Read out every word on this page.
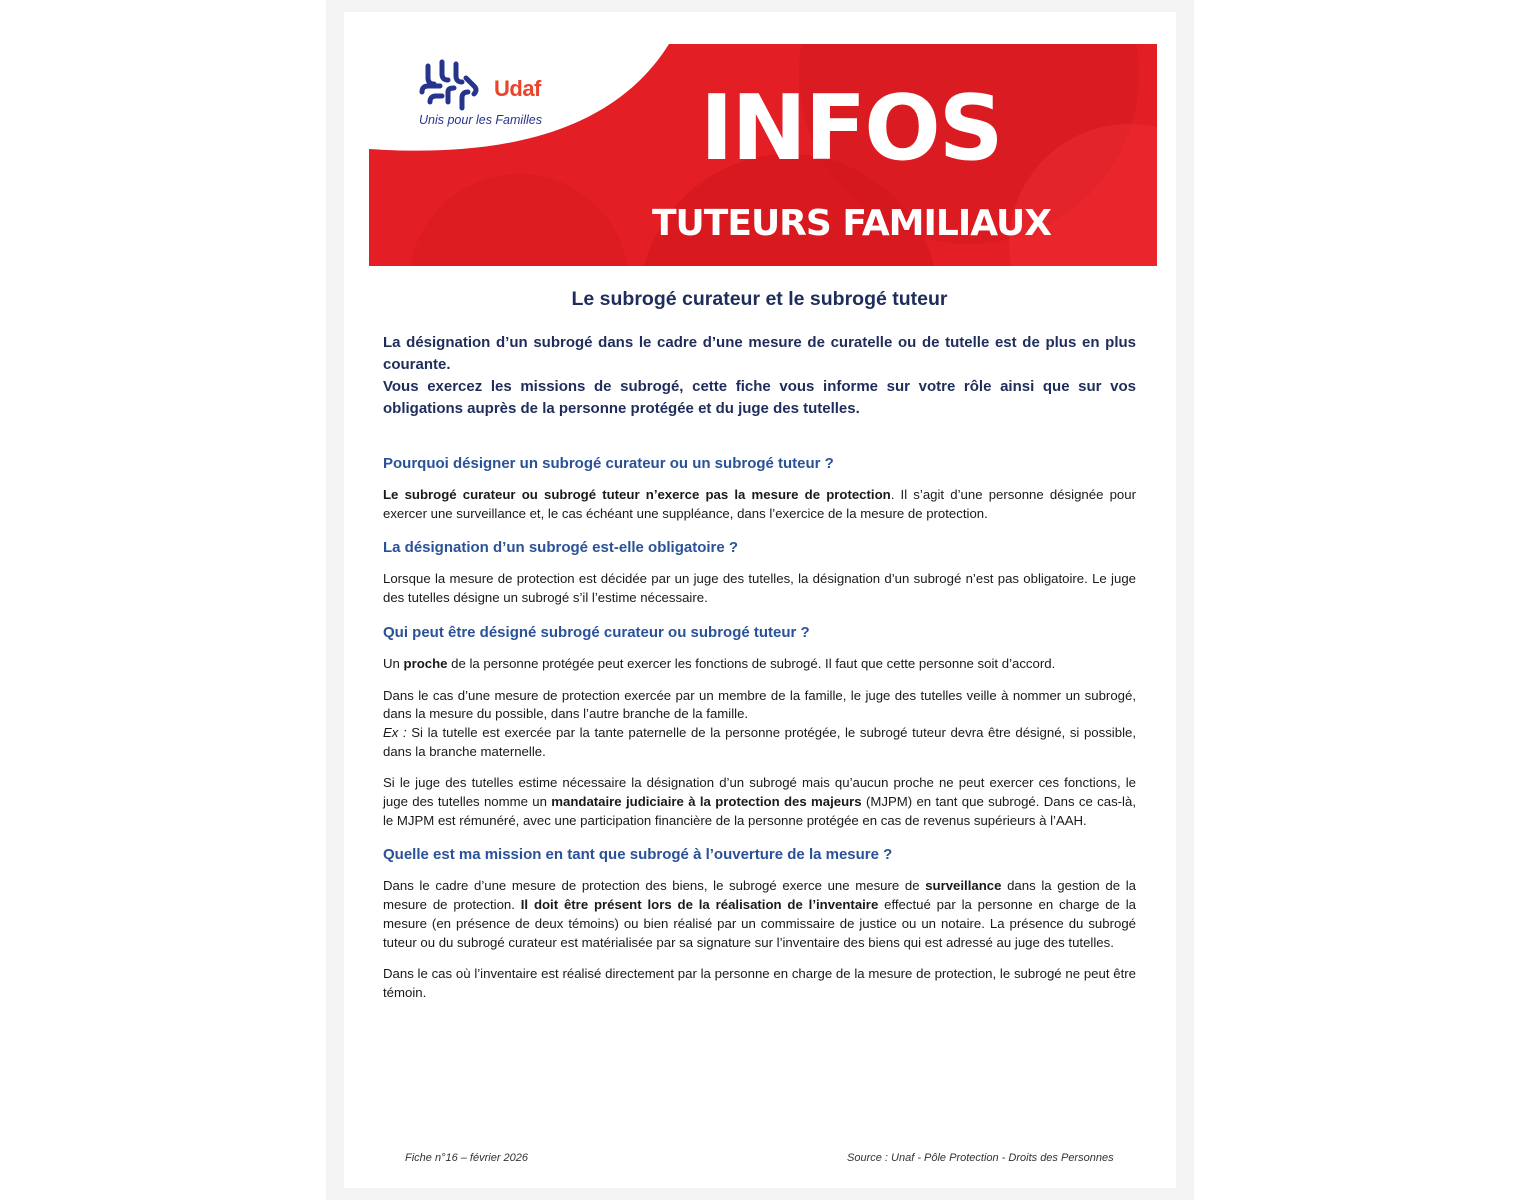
Udaf
Unis pour les Familles INFOS
TUTEURS FAMILIAUX
Le subrogé curateur et le subrogé tuteur

La désignation d’un subrogé dans le cadre d’une mesure de curatelle ou de tutelle est de plus en plus courante.

Vous exercez les missions de subrogé, cette fiche vous informe sur votre rôle ainsi que sur vos obligations auprès de la personne protégée et du juge des tutelles.

Pourquoi désigner un subrogé curateur ou un subrogé tuteur ?

Le subrogé curateur ou subrogé tuteur n’exerce pas la mesure de protection. Il s’agit d’une personne désignée pour exercer une surveillance et, le cas échéant une suppléance, dans l’exercice de la mesure de protection.

La désignation d’un subrogé est-elle obligatoire ?

Lorsque la mesure de protection est décidée par un juge des tutelles, la désignation d’un subrogé n’est pas obligatoire. Le juge des tutelles désigne un subrogé s’il l’estime nécessaire.

Qui peut être désigné subrogé curateur ou subrogé tuteur ?

Un proche de la personne protégée peut exercer les fonctions de subrogé. Il faut que cette personne soit d’accord.

Dans le cas d’une mesure de protection exercée par un membre de la famille, le juge des tutelles veille à nommer un subrogé, dans la mesure du possible, dans l’autre branche de la famille.
Ex : Si la tutelle est exercée par la tante paternelle de la personne protégée, le subrogé tuteur devra être désigné, si possible, dans la branche maternelle.

Si le juge des tutelles estime nécessaire la désignation d’un subrogé mais qu’aucun proche ne peut exercer ces fonctions, le juge des tutelles nomme un mandataire judiciaire à la protection des majeurs (MJPM) en tant que subrogé. Dans ce cas-là, le MJPM est rémunéré, avec une participation financière de la personne protégée en cas de revenus supérieurs à l’AAH.

Quelle est ma mission en tant que subrogé à l’ouverture de la mesure ?

Dans le cadre d’une mesure de protection des biens, le subrogé exerce une mesure de surveillance dans la gestion de la mesure de protection. Il doit être présent lors de la réalisation de l’inventaire effectué par la personne en charge de la mesure (en présence de deux témoins) ou bien réalisé par un commissaire de justice ou un notaire. La présence du subrogé tuteur ou du subrogé curateur est matérialisée par sa signature sur l’inventaire des biens qui est adressé au juge des tutelles.

Dans le cas où l’inventaire est réalisé directement par la personne en charge de la mesure de protection, le subrogé ne peut être témoin.

Fiche n°16 – février 2026	Source : Unaf - Pôle Protection - Droits des Personnes
